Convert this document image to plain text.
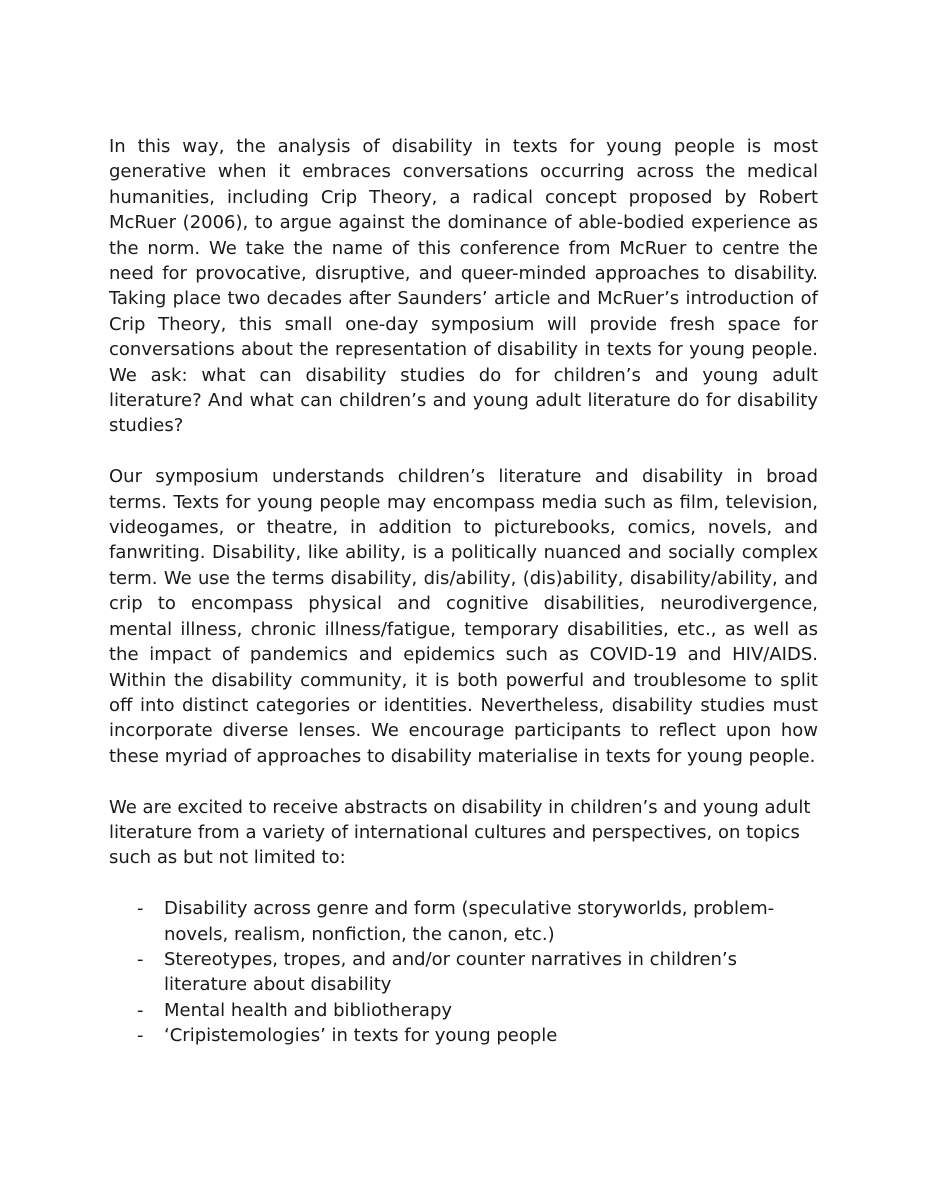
In this way, the analysis of disability in texts for young people is most generative when it embraces conversations occurring across the medical humanities, including Crip Theory, a radical concept proposed by Robert McRuer (2006), to argue against the dominance of able-bodied experience as the norm. We take the name of this conference from McRuer to centre the need for provocative, disruptive, and queer-minded approaches to disability. Taking place two decades after Saunders’ article and McRuer’s introduction of Crip Theory, this small one-day symposium will provide fresh space for conversations about the representation of disability in texts for young people. We ask: what can disability studies do for children’s and young adult literature? And what can children’s and young adult literature do for disability studies?

Our symposium understands children’s literature and disability in broad terms. Texts for young people may encompass media such as film, television, videogames, or theatre, in addition to picturebooks, comics, novels, and fanwriting. Disability, like ability, is a politically nuanced and socially complex term. We use the terms disability, dis/ability, (dis)ability, disability/ability, and crip to encompass physical and cognitive disabilities, neurodivergence, mental illness, chronic illness/fatigue, temporary disabilities, etc., as well as the impact of pandemics and epidemics such as COVID-19 and HIV/AIDS. Within the disability community, it is both powerful and troublesome to split off into distinct categories or identities. Nevertheless, disability studies must incorporate diverse lenses. We encourage participants to reflect upon how these myriad of approaches to disability materialise in texts for young people.

We are excited to receive abstracts on disability in children’s and young adult literature from a variety of international cultures and perspectives, on topics such as but not limited to:

- Disability across genre and form (speculative storyworlds, problem-novels, realism, nonfiction, the canon, etc.)
- Stereotypes, tropes, and and/or counter narratives in children’s literature about disability
- Mental health and bibliotherapy
- ‘Cripistemologies’ in texts for young people
